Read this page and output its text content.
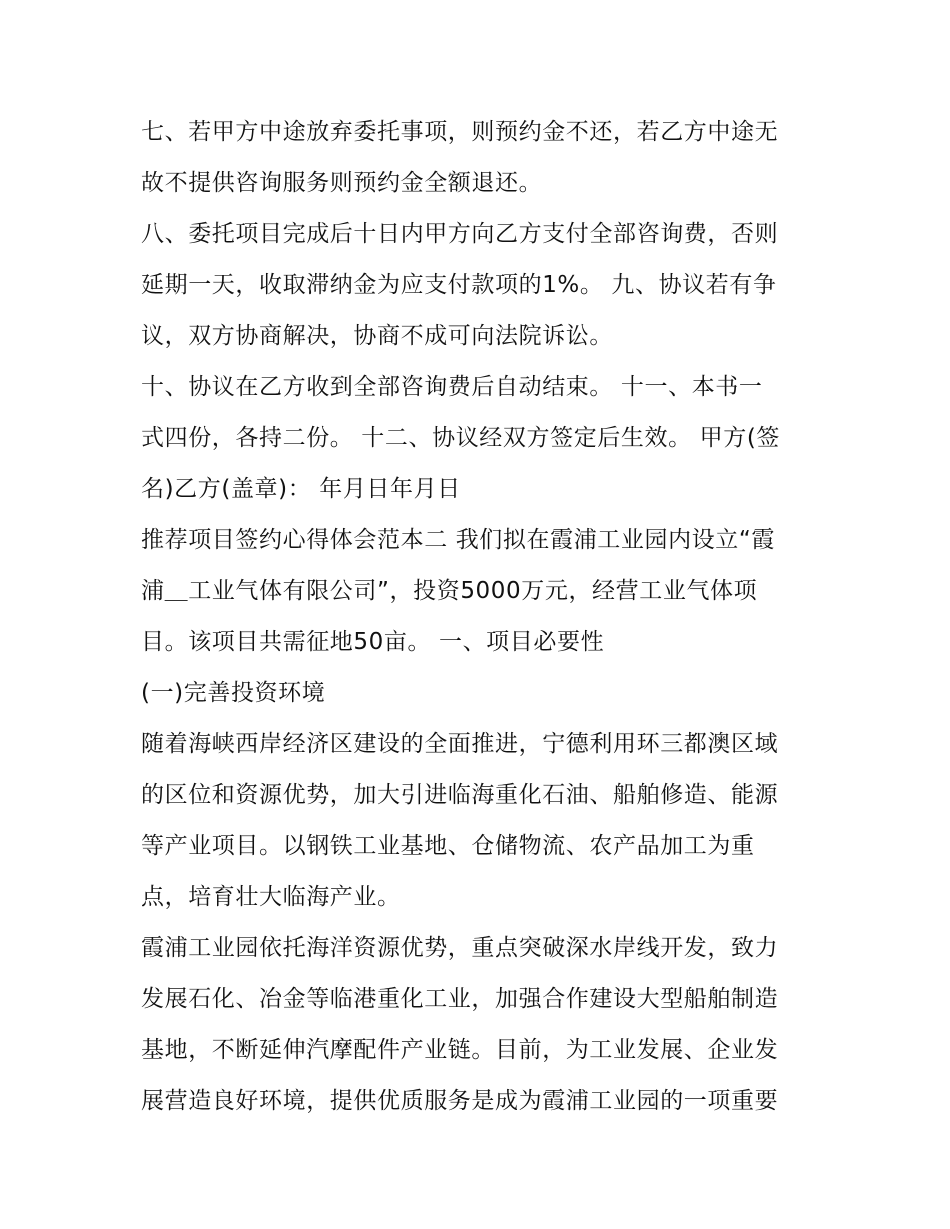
七、若甲方中途放弃委托事项，则预约金不还，若乙方中途无
故不提供咨询服务则预约金全额退还。

八、委托项目完成后十日内甲方向乙方支付全部咨询费，否则
延期一天，收取滞纳金为应支付款项的1%。 九、协议若有争
议，双方协商解决，协商不成可向法院诉讼。

十、协议在乙方收到全部咨询费后自动结束。 十一、本书一
式四份，各持二份。 十二、协议经双方签定后生效。 甲方(签
名)乙方(盖章)： 年月日年月日

推荐项目签约心得体会范本二 我们拟在霞浦工业园内设立“霞
浦＿工业气体有限公司”，投资5000万元，经营工业气体项
目。该项目共需征地50亩。 一、项目必要性

(一)完善投资环境

随着海峡西岸经济区建设的全面推进，宁德利用环三都澳区域
的区位和资源优势，加大引进临海重化石油、船舶修造、能源
等产业项目。以钢铁工业基地、仓储物流、农产品加工为重
点，培育壮大临海产业。

霞浦工业园依托海洋资源优势，重点突破深水岸线开发，致力
发展石化、冶金等临港重化工业，加强合作建设大型船舶制造
基地，不断延伸汽摩配件产业链。目前，为工业发展、企业发
展营造良好环境，提供优质服务是成为霞浦工业园的一项重要
